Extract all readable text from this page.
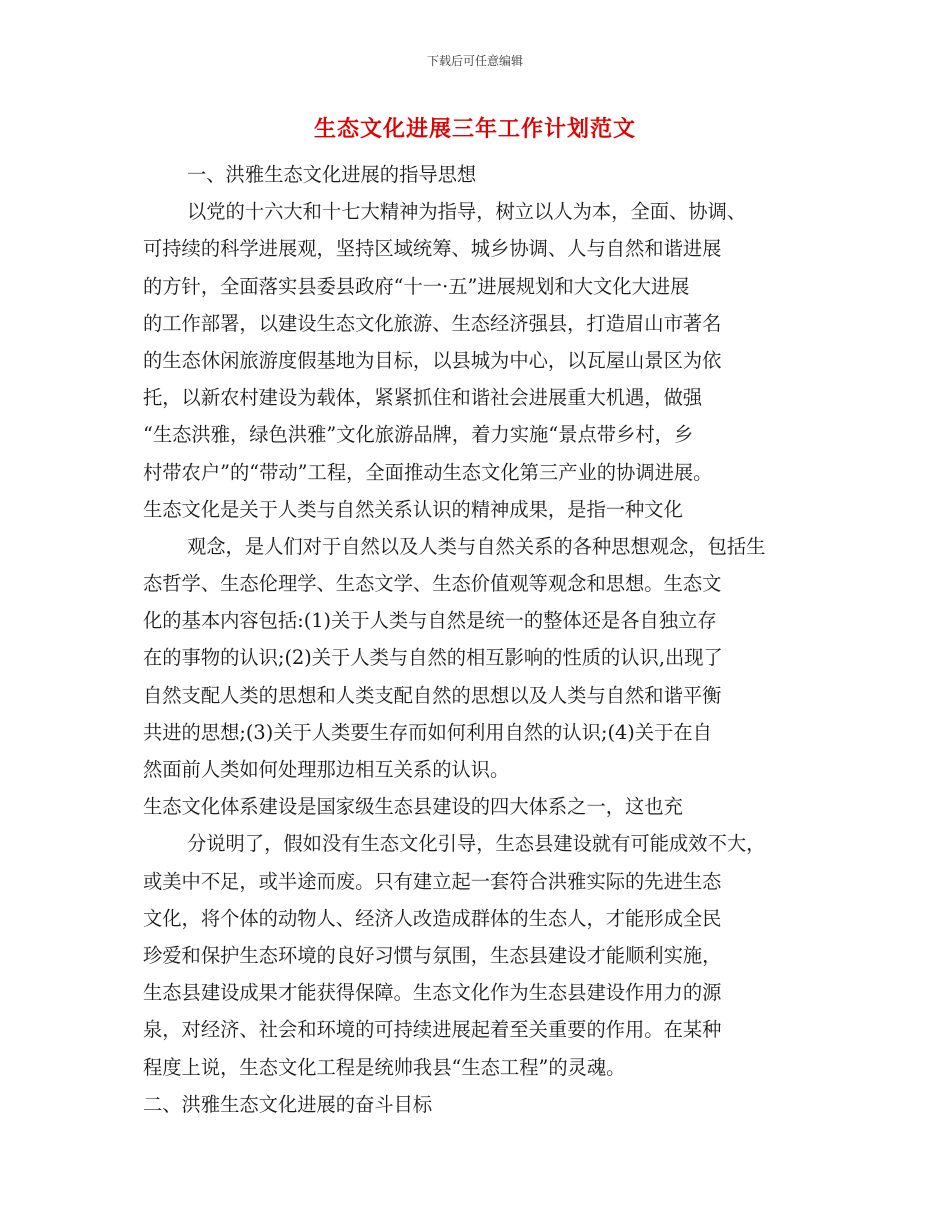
下载后可任意编辑
生态文化进展三年工作计划范文
一、洪雅生态文化进展的指导思想
以党的十六大和十七大精神为指导，树立以人为本，全面、协调、
可持续的科学进展观，坚持区域统筹、城乡协调、人与自然和谐进展
的方针，全面落实县委县政府“十一·五”进展规划和大文化大进展
的工作部署，以建设生态文化旅游、生态经济强县，打造眉山市著名
的生态休闲旅游度假基地为目标，以县城为中心，以瓦屋山景区为依
托，以新农村建设为载体，紧紧抓住和谐社会进展重大机遇，做强
“生态洪雅，绿色洪雅”文化旅游品牌，着力实施“景点带乡村，乡
村带农户”的“带动”工程，全面推动生态文化第三产业的协调进展。
生态文化是关于人类与自然关系认识的精神成果，是指一种文化
观念，是人们对于自然以及人类与自然关系的各种思想观念，包括生
态哲学、生态伦理学、生态文学、生态价值观等观念和思想。生态文
化的基本内容包括:(1)关于人类与自然是统一的整体还是各自独立存
在的事物的认识;(2)关于人类与自然的相互影响的性质的认识,出现了
自然支配人类的思想和人类支配自然的思想以及人类与自然和谐平衡
共进的思想;(3)关于人类要生存而如何利用自然的认识;(4)关于在自
然面前人类如何处理那边相互关系的认识。
生态文化体系建设是国家级生态县建设的四大体系之一，这也充
分说明了，假如没有生态文化引导，生态县建设就有可能成效不大，
或美中不足，或半途而废。只有建立起一套符合洪雅实际的先进生态
文化，将个体的动物人、经济人改造成群体的生态人，才能形成全民
珍爱和保护生态环境的良好习惯与氛围，生态县建设才能顺利实施，
生态县建设成果才能获得保障。生态文化作为生态县建设作用力的源
泉，对经济、社会和环境的可持续进展起着至关重要的作用。在某种
程度上说，生态文化工程是统帅我县“生态工程”的灵魂。
二、洪雅生态文化进展的奋斗目标
